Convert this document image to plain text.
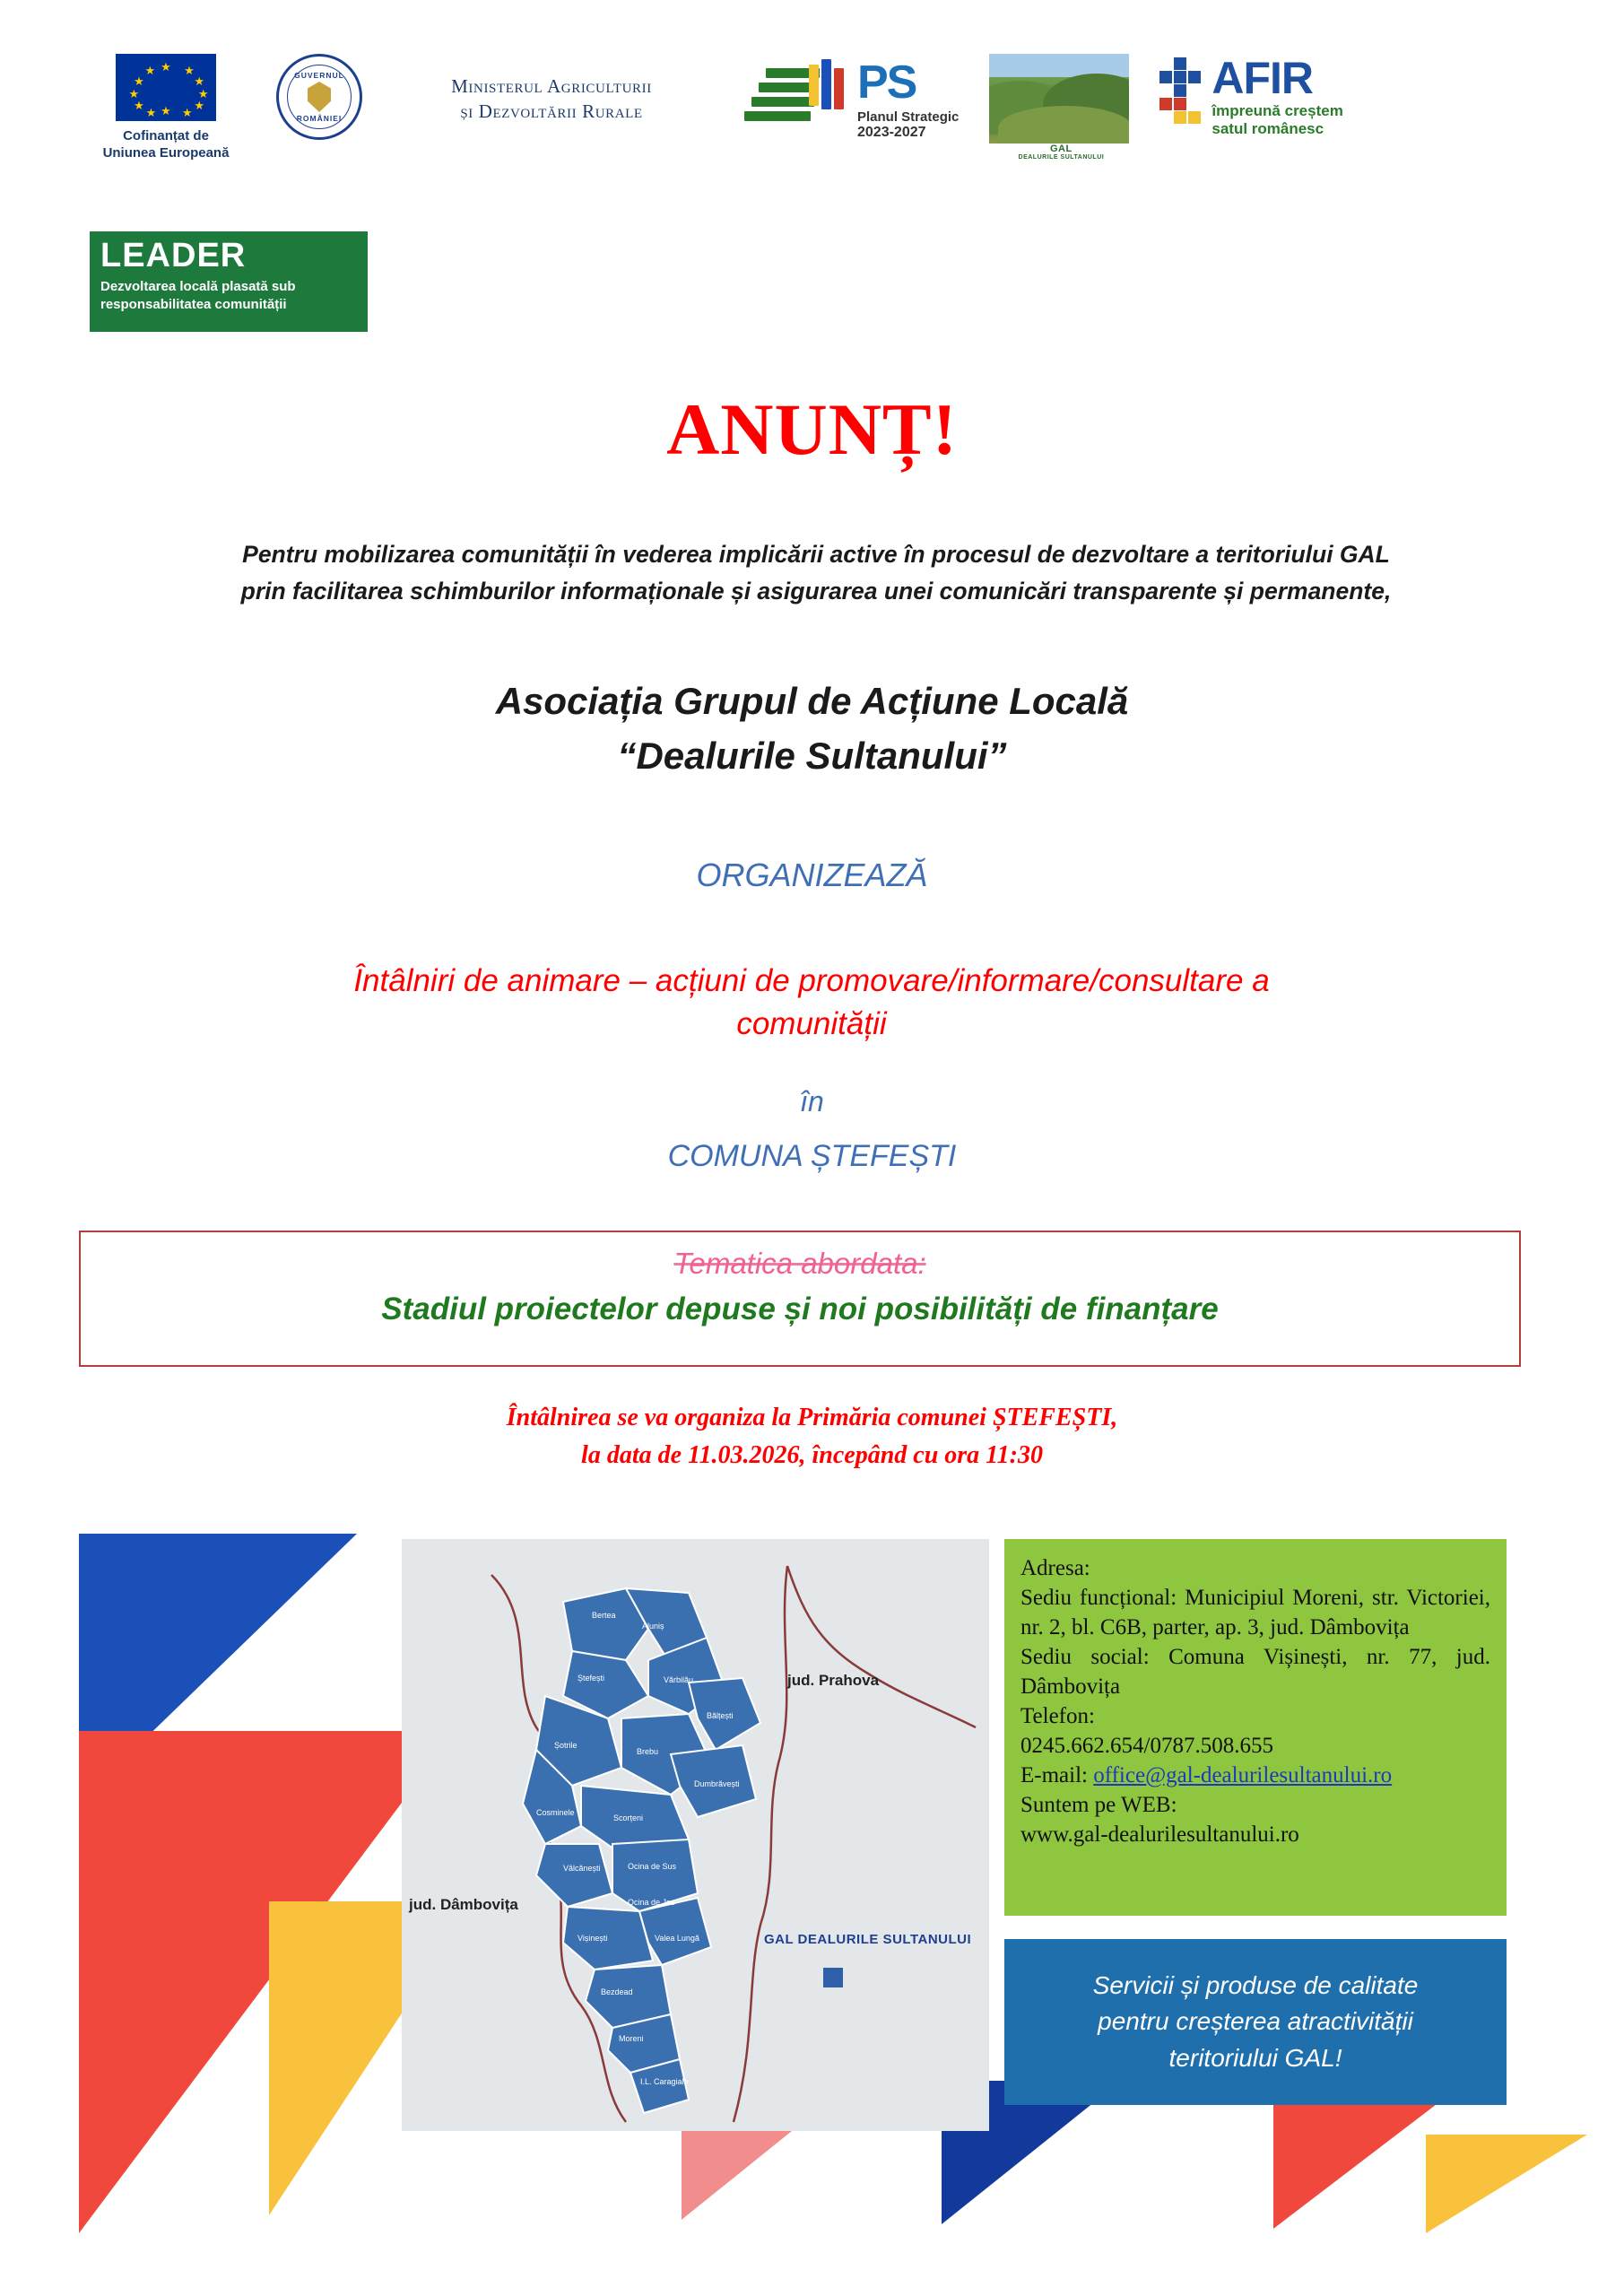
★ ★
★
★
★
★
★
★
★
★
★
★
Cofinanțat de
Uniunea Europeană
GUVERNUL
ROMÂNIEI
Ministerul Agriculturii
și Dezvoltării Rurale
PS
Planul Strategic
2023-2027
GAL
DEALURILE SULTANULUI
AFIR
împreună creștem
satul românesc
LEADER
Dezvoltarea locală plasată sub
responsabilitatea comunității
ANUNȚ!
Pentru mobilizarea comunității în vederea implicării active în procesul de dezvoltare a teritoriului GAL
prin facilitarea schimburilor informaționale și asigurarea unei comunicări transparente și permanente,
Asociația Grupul de Acțiune Locală
“Dealurile Sultanului”
ORGANIZEAZĂ
Întâlniri de animare – acțiuni de promovare/informare/consultare a
comunității
în
COMUNA ȘTEFEȘTI
Tematica abordata:
Stadiul proiectelor depuse și noi posibilități de finanțare
Întâlnirea se va organiza la Primăria comunei ȘTEFEȘTI,
la data de 11.03.2026, începând cu ora 11:30
Bertea
Aluniș
Ștefești	Vărbilău
Șotrile
Brebu
Bălțești
Cosminele
Scorțeni
Dumbrăvești
Vâlcănești	Ocina de Sus
Ocina de Jos
Vișinești	Valea Lungă
Bezdead
Moreni
I.L. Caragiale
jud. Prahova
jud. Dâmbovița
GAL DEALURILE SULTANULUI

Adresa:

Sediu funcțional: Municipiul Moreni, str. Victoriei, nr. 2, bl. C6B, parter, ap. 3, jud. Dâmbovița

Sediu social: Comuna Vișinești, nr. 77, jud. Dâmbovița

Telefon:

0245.662.654/0787.508.655

E-mail: office@gal-dealurilesultanului.ro

Suntem pe WEB:

www.gal-dealurilesultanului.ro

Servicii și produse de calitate
pentru creșterea atractivității
teritoriului GAL!
